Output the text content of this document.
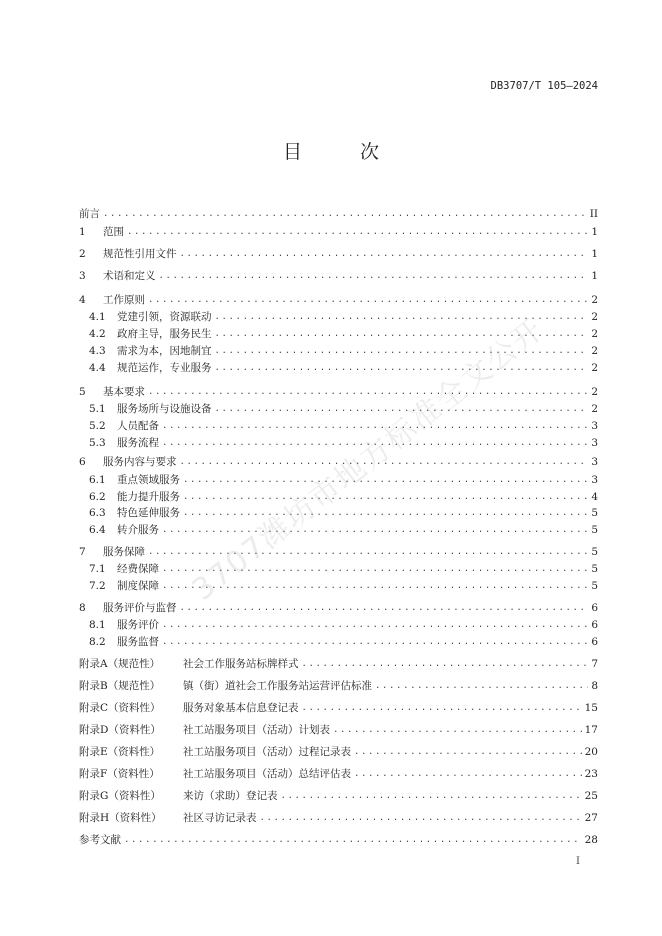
DB3707/T 105—2024
目 次
前言 .....	II
1 范围 .....	1
2 规范性引用文件 .....	1
3 术语和定义 .....	1
4 工作原则 .....	2
4.1 党建引领，资源联动 .....	2
4.2 政府主导，服务民生 .....	2
4.3 需求为本，因地制宜 .....	2
4.4 规范运作，专业服务 .....	2
5 基本要求 .....	2
5.1 服务场所与设施设备 .....	2
5.2 人员配备 .....	3
5.3 服务流程 .....	3
6 服务内容与要求 .....	3
6.1 重点领域服务 .....	3
6.2 能力提升服务 .....	4
6.3 特色延伸服务 .....	5
6.4 转介服务 .....	5
7 服务保障 .....	5
7.1 经费保障 .....	5
7.2 制度保障 .....	5
8 服务评价与监督 .....	6
8.1 服务评价 .....	6
8.2 服务监督 .....	6
附录A（规范性） 社会工作服务站标牌样式 .....	7
附录B（规范性） 镇（街）道社会工作服务站运营评估标准 .....	8
附录C（资料性） 服务对象基本信息登记表 .....	15
附录D（资料性） 社工站服务项目（活动）计划表 .....	17
附录E（资料性） 社工站服务项目（活动）过程记录表 .....	20
附录F（资料性） 社工站服务项目（活动）总结评估表 .....	23
附录G（资料性） 来访（求助）登记表 .....	25
附录H（资料性） 社区寻访记录表 .....	27
参考文献 .....	28
3707潍坊市地方标准全文公开
I
